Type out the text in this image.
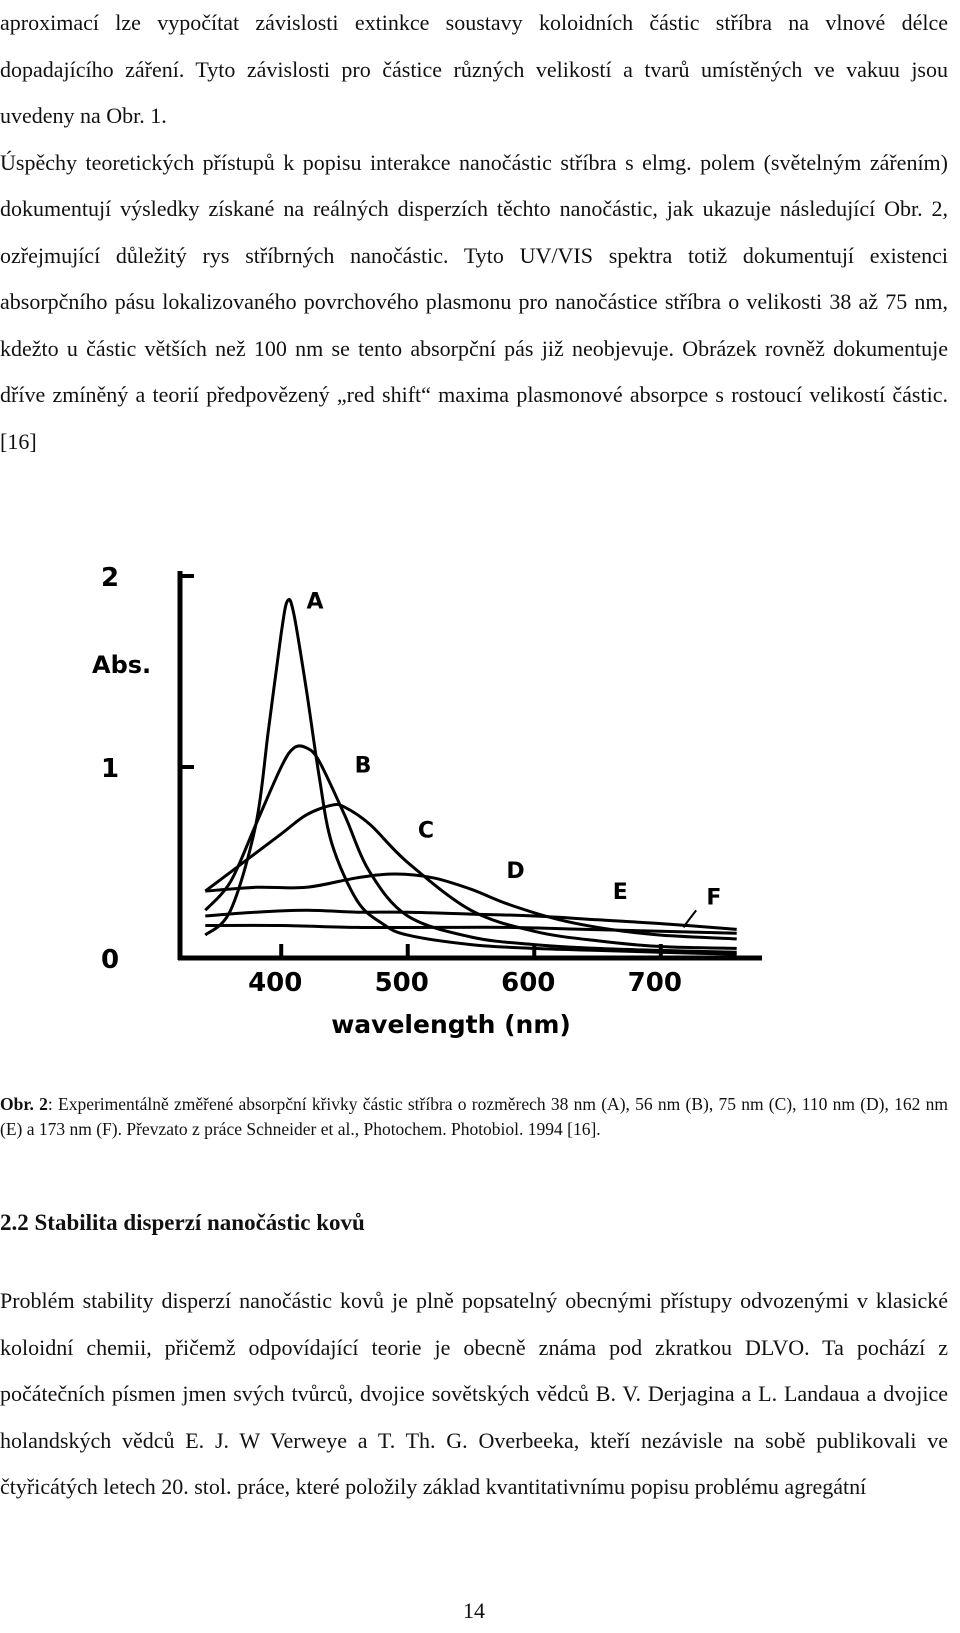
aproximací lze vypočítat závislosti extinkce soustavy koloidních částic stříbra na vlnové délce dopadajícího záření. Tyto závislosti pro částice různých velikostí a tvarů umístěných ve vakuu jsou uvedeny na Obr. 1.
Úspěchy teoretických přístupů k popisu interakce nanočástic stříbra s elmg. polem (světelným zářením) dokumentují výsledky získané na reálných disperzích těchto nanočástic, jak ukazuje následující Obr. 2, ozřejmující důležitý rys stříbrných nanočástic. Tyto UV/VIS spektra totiž dokumentují existenci absorpčního pásu lokalizovaného povrchového plasmonu pro nanočástice stříbra o velikosti 38 až 75 nm, kdežto u částic větších než 100 nm se tento absorpční pás již neobjevuje. Obrázek rovněž dokumentuje dříve zmíněný a teorií předpovězený „red shift“ maxima plasmonové absorpce s rostoucí velikostí částic.[16]

0
1
2
400	500	600	700
Abs.
wavelength (nm)
A
B
C
D
E	F

Obr. 2: Experimentálně změřené absorpční křivky částic stříbra o rozměrech 38 nm (A), 56 nm (B), 75 nm (C), 110 nm (D), 162 nm (E) a 173 nm (F). Převzato z práce Schneider et al., Photochem. Photobiol. 1994 [16].

2.2 Stabilita disperzí nanočástic kovů

Problém stability disperzí nanočástic kovů je plně popsatelný obecnými přístupy odvozenými v klasické koloidní chemii, přičemž odpovídající teorie je obecně známa pod zkratkou DLVO. Ta pochází z počátečních písmen jmen svých tvůrců, dvojice sovětských vědců B. V. Derjagina a L. Landaua a dvojice holandských vědců E. J. W Verweye a T. Th. G. Overbeeka, kteří nezávisle na sobě publikovali ve čtyřicátých letech 20. stol. práce, které položily základ kvantitativnímu popisu problému agregátní

14
